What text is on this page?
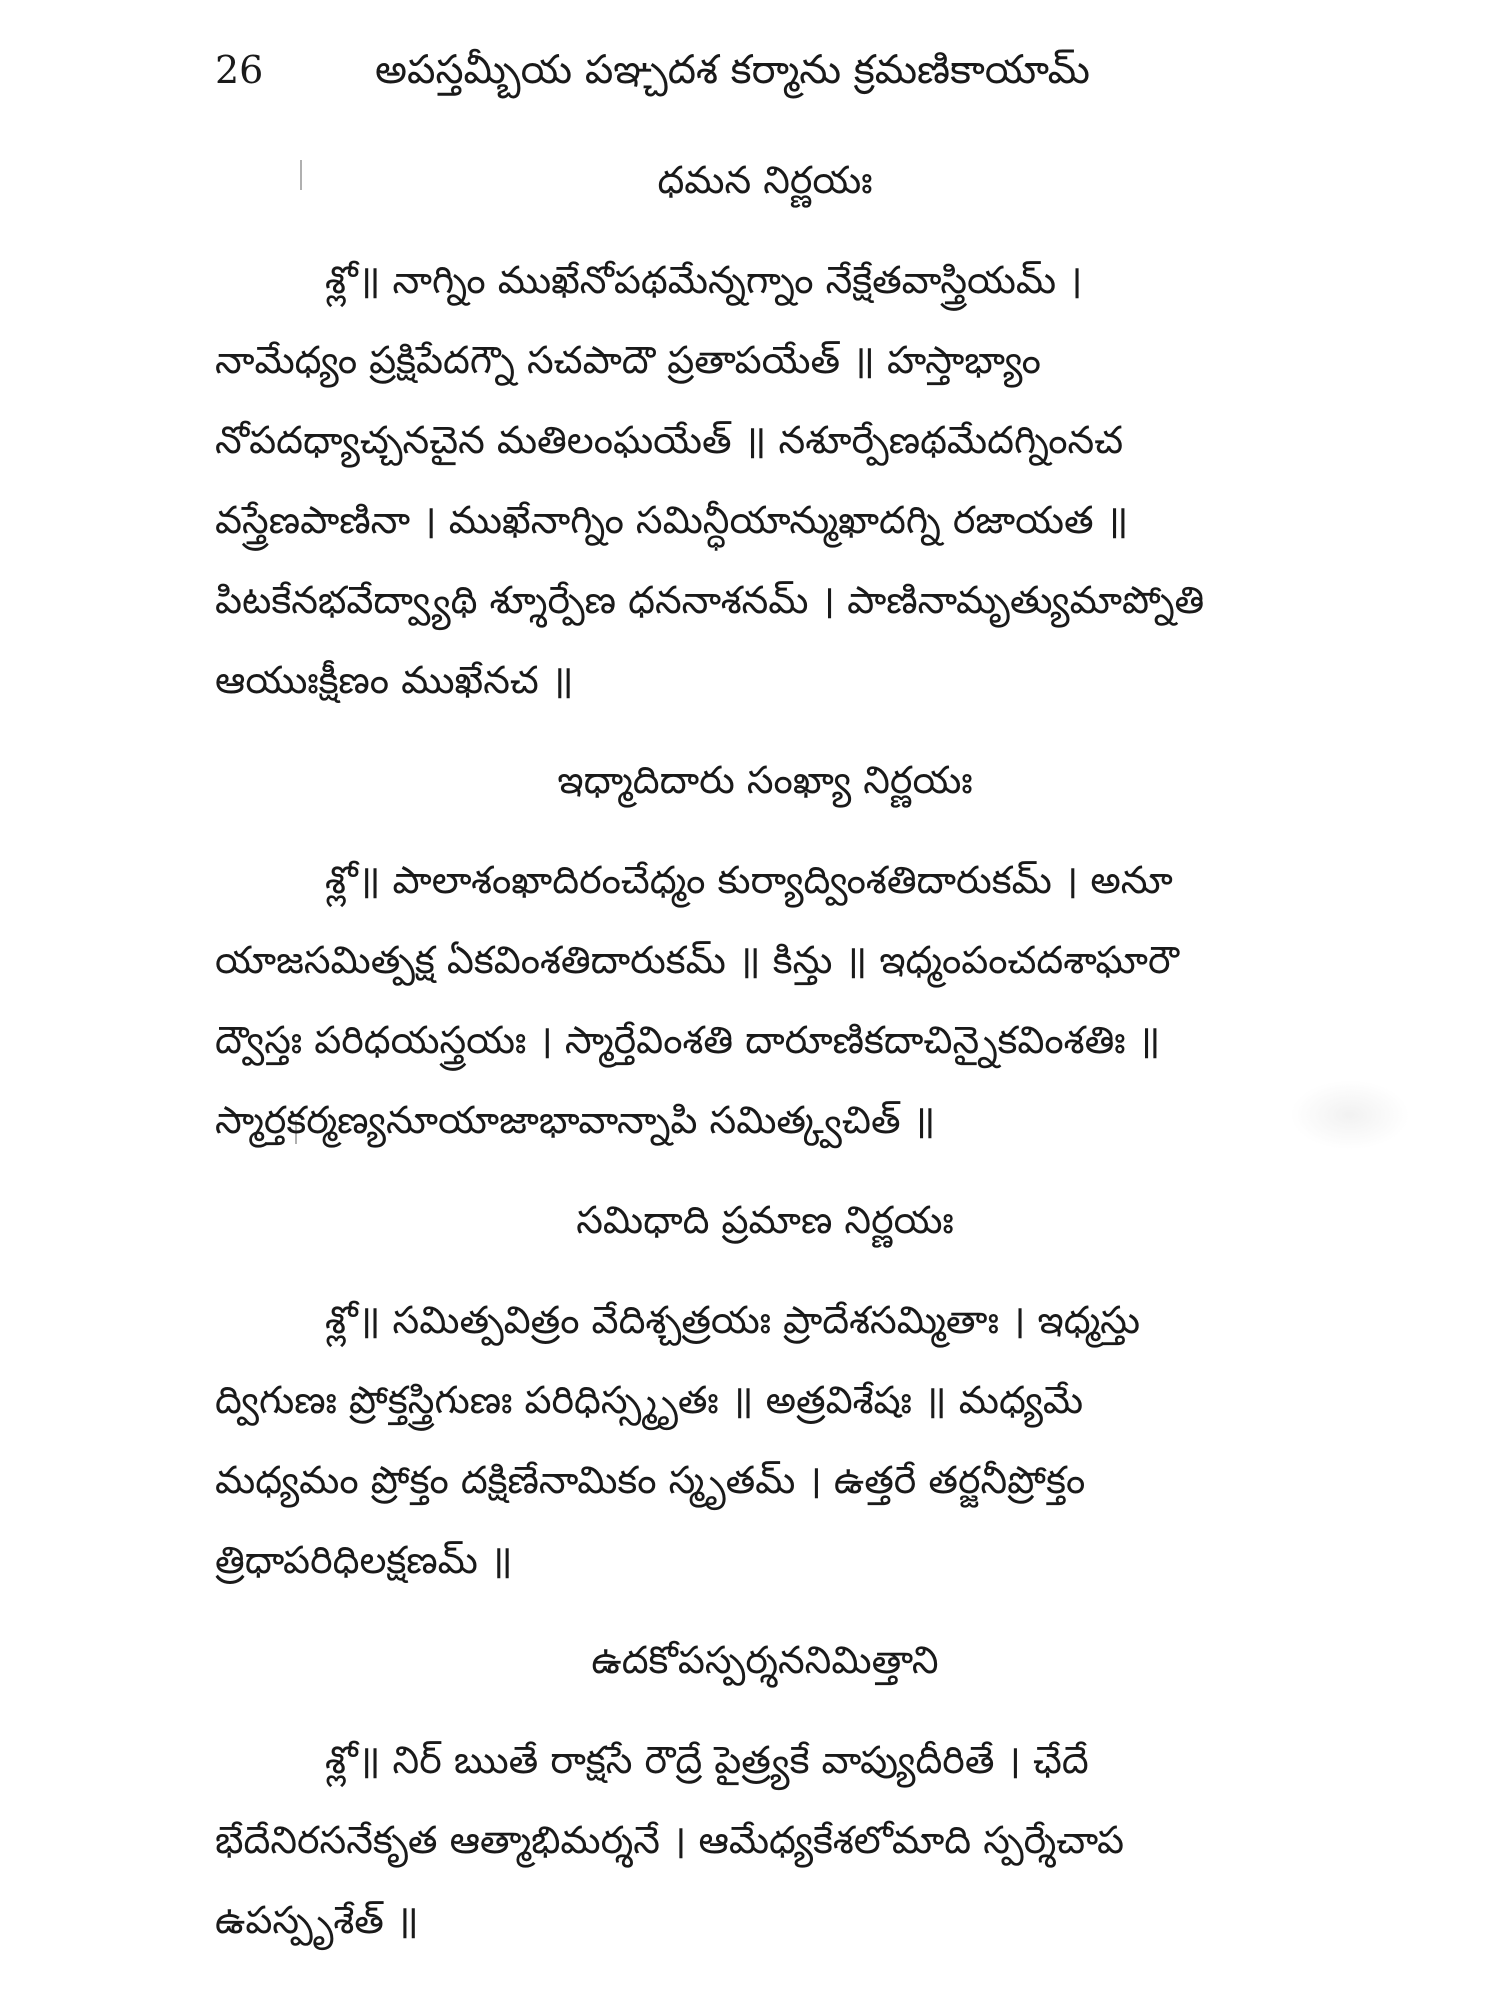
26	అపస్తమ్బీయ పఞ్చదశ కర్మాను క్రమణికాయామ్
ధమన నిర్ణయః
శ్లో॥ నాగ్నిం ముఖేనోపథమేన్నగ్నాం నేక్షేతవాస్త్రియమ్ ।
నామేధ్యం ప్రక్షిపేదగ్నౌ సచపాదౌ ప్రతాపయేత్ ॥ హస్తాభ్యాం
నోపదధ్యాచ్చనచైన మతిలంఘయేత్ ॥ నశూర్పేణథమేదగ్నింనచ
వస్త్రేణపాణినా । ముఖేనాగ్నిం సమిన్ధీయాన్ముఖాదగ్ని రజాయత ॥
పిటకేనభవేద్వ్యాథి శ్శూర్పేణ ధననాశనమ్ । పాణినామృత్యుమాప్నోతి
ఆయుఃక్షీణం ముఖేనచ ॥
ఇధ్మాదిదారు సంఖ్యా నిర్ణయః
శ్లో॥ పాలాశంఖాదిరంచేధ్మం కుర్యాద్వింశతిదారుకమ్ । అనూ
యాజసమిత్పక్ష ఏకవింశతిదారుకమ్ ॥ కిన్తు ॥ ఇధ్మంపంచదశాఘారౌ
ద్వౌస్తః పరిధయస్త్రయః । స్మార్తేవింశతి దారూణికదాచిన్నైకవింశతిః ॥
స్మార్తకర్మణ్యనూయాజాభావాన్నాపి సమిత్క్వచిత్ ॥
సమిధాది ప్రమాణ నిర్ణయః
శ్లో॥ సమిత్పవిత్రం వేదిశ్చత్రయః ప్రాదేశసమ్మితాః । ఇధ్మస్తు
ద్విగుణః ప్రోక్తస్త్రిగుణః పరిధిస్స్మృతః ॥ అత్రవిశేషః ॥ మధ్యమే
మధ్యమం ప్రోక్తం దక్షిణేనామికం స్మృతమ్ । ఉత్తరే తర్జనీప్రోక్తం
త్రిధాపరిధిలక్షణమ్ ॥
ఉదకోపస్పర్శననిమిత్తాని
శ్లో॥ నిర్ ఋతే రాక్షసే రౌద్రే పైత్ర్యకే వాప్యుదీరితే । ఛేదే
భేదేనిరసనేకృత ఆత్మాభిమర్శనే । ఆమేధ్యకేశలోమాది స్పర్శేచాప
ఉపస్పృశేత్ ॥
